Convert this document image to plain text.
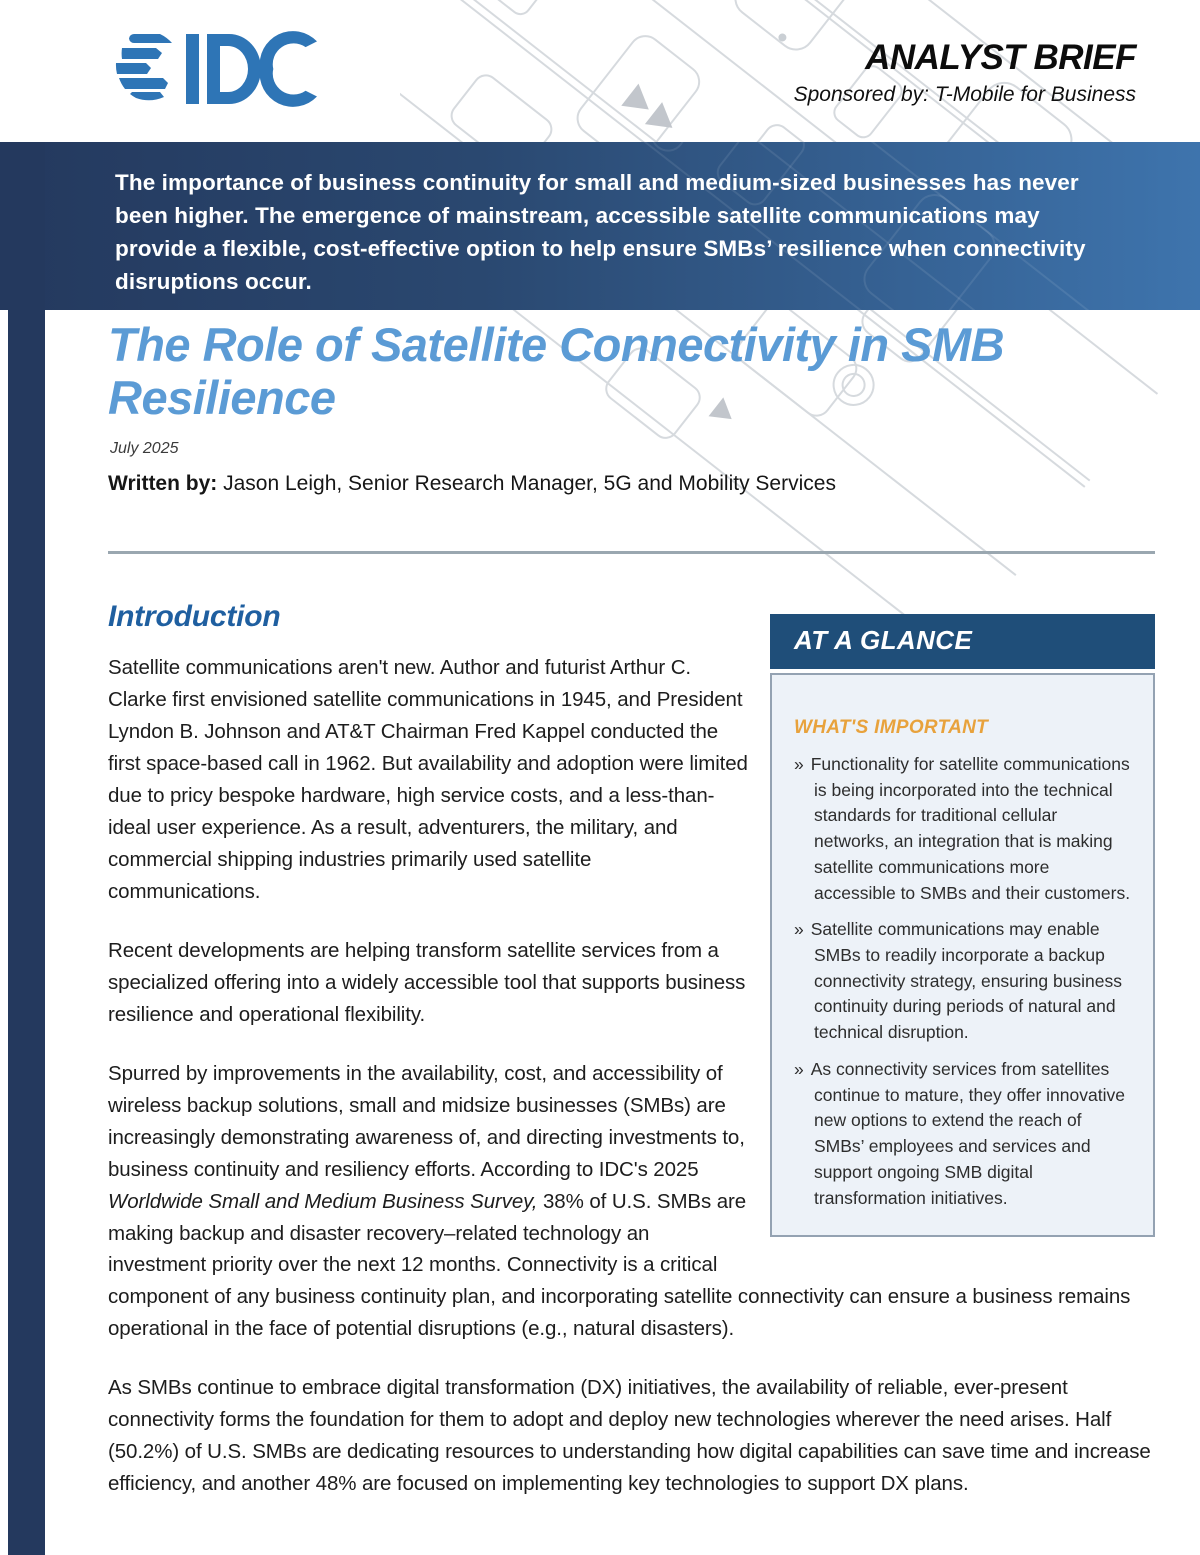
ANALYST BRIEF
Sponsored by: T-Mobile for Business
The importance of business continuity for small and medium-sized businesses has never been higher. The emergence of mainstream, accessible satellite communications may provide a flexible, cost-effective option to help ensure SMBs’ resilience when connectivity disruptions occur.
The Role of Satellite Connectivity in SMB Resilience
July 2025
Written by: Jason Leigh, Senior Research Manager, 5G and Mobility Services
AT A GLANCE
WHAT'S IMPORTANT
» Functionality for satellite communications is being incorporated into the technical standards for traditional cellular networks, an integration that is making satellite communications more accessible to SMBs and their customers.
» Satellite communications may enable SMBs to readily incorporate a backup connectivity strategy, ensuring business continuity during periods of natural and technical disruption.
» As connectivity services from satellites continue to mature, they offer innovative new options to extend the reach of SMBs’ employees and services and support ongoing SMB digital transformation initiatives.
Introduction

Satellite communications aren't new. Author and futurist Arthur C. Clarke first envisioned satellite communications in 1945, and President Lyndon B. Johnson and AT&T Chairman Fred Kappel conducted the first space-based call in 1962. But availability and adoption were limited due to pricy bespoke hardware, high service costs, and a less-than-ideal user experience. As a result, adventurers, the military, and commercial shipping industries primarily used satellite communications.

Recent developments are helping transform satellite services from a specialized offering into a widely accessible tool that supports business resilience and operational flexibility.

Spurred by improvements in the availability, cost, and accessibility of wireless backup solutions, small and midsize businesses (SMBs) are increasingly demonstrating awareness of, and directing investments to, business continuity and resiliency efforts. According to IDC's 2025 Worldwide Small and Medium Business Survey, 38% of U.S. SMBs are making backup and disaster recovery–related technology an investment priority over the next 12 months. Connectivity is a critical component of any business continuity plan, and incorporating satellite connectivity can ensure a business remains operational in the face of potential disruptions (e.g., natural disasters).

As SMBs continue to embrace digital transformation (DX) initiatives, the availability of reliable, ever-present connectivity forms the foundation for them to adopt and deploy new technologies wherever the need arises. Half (50.2%) of U.S. SMBs are dedicating resources to understanding how digital capabilities can save time and increase efficiency, and another 48% are focused on implementing key technologies to support DX plans.
